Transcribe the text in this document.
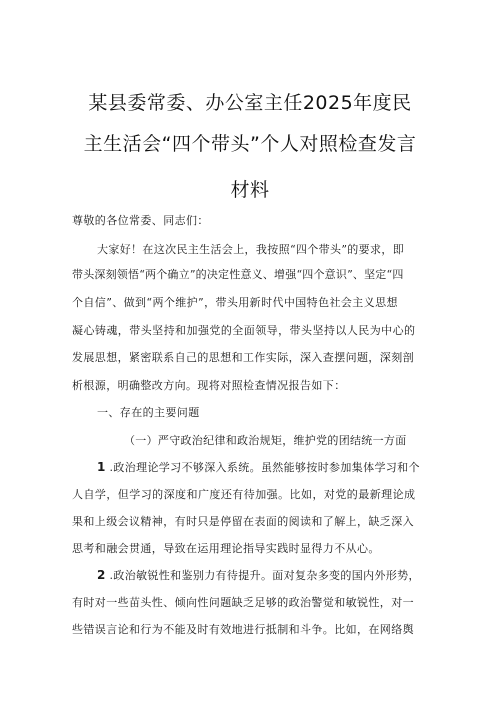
某县委常委、办公室主任2025年度民
主生活会“四个带头”个人对照检查发言
材料
尊敬的各位常委、同志们：
大家好！在这次民主生活会上，我按照“四个带头”的要求，即
带头深刻领悟“两个确立”的决定性意义、增强“四个意识”、坚定“四
个自信”、做到“两个维护”，带头用新时代中国特色社会主义思想
凝心铸魂，带头坚持和加强党的全面领导，带头坚持以人民为中心的
发展思想，紧密联系自己的思想和工作实际，深入查摆问题，深刻剖
析根源，明确整改方向。现将对照检查情况报告如下：
一、存在的主要问题
（一）严守政治纪律和政治规矩，维护党的团结统一方面
1 .政治理论学习不够深入系统。虽然能够按时参加集体学习和个
人自学，但学习的深度和广度还有待加强。比如，对党的最新理论成
果和上级会议精神，有时只是停留在表面的阅读和了解上，缺乏深入
思考和融会贯通，导致在运用理论指导实践时显得力不从心。
2 .政治敏锐性和鉴别力有待提升。面对复杂多变的国内外形势，
有时对一些苗头性、倾向性问题缺乏足够的政治警觉和敏锐性，对一
些错误言论和行为不能及时有效地进行抵制和斗争。比如，在网络舆
